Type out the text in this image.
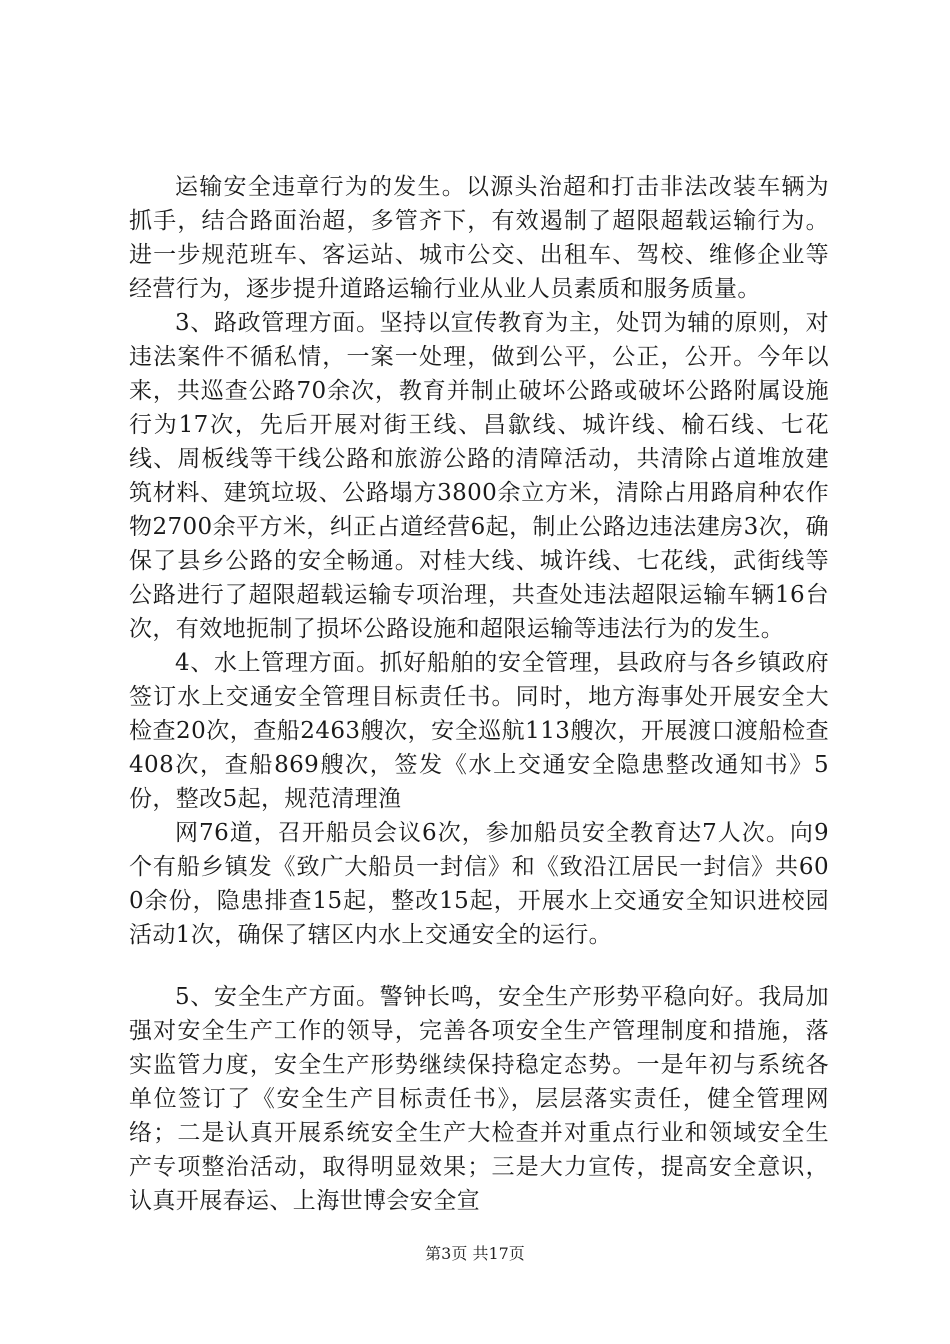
运输安全违章行为的发生。以源头治超和打击非法改装车辆为抓手，结合路面治超，多管齐下，有效遏制了超限超载运输行为。进一步规范班车、客运站、城市公交、出租车、驾校、维修企业等经营行为，逐步提升道路运输行业从业人员素质和服务质量。

3、路政管理方面。坚持以宣传教育为主，处罚为辅的原则，对违法案件不循私情，一案一处理，做到公平，公正，公开。今年以来，共巡查公路70余次，教育并制止破坏公路或破坏公路附属设施行为17次，先后开展对街王线、昌歙线、城许线、榆石线、七花线、周板线等干线公路和旅游公路的清障活动，共清除占道堆放建筑材料、建筑垃圾、公路塌方3800余立方米，清除占用路肩种农作物2700余平方米，纠正占道经营6起，制止公路边违法建房3次，确保了县乡公路的安全畅通。对桂大线、城许线、七花线，武街线等公路进行了超限超载运输专项治理，共查处违法超限运输车辆16台次，有效地扼制了损坏公路设施和超限运输等违法行为的发生。

4、水上管理方面。抓好船舶的安全管理，县政府与各乡镇政府签订水上交通安全管理目标责任书。同时，地方海事处开展安全大检查20次，查船2463艘次，安全巡航113艘次，开展渡口渡船检查408次，查船869艘次，签发《水上交通安全隐患整改通知书》5份，整改5起，规范清理渔

网76道，召开船员会议6次，参加船员安全教育达7人次。向9个有船乡镇发《致广大船员一封信》和《致沿江居民一封信》共600余份，隐患排查15起，整改15起，开展水上交通安全知识进校园活动1次，确保了辖区内水上交通安全的运行。

5、安全生产方面。警钟长鸣，安全生产形势平稳向好。我局加强对安全生产工作的领导，完善各项安全生产管理制度和措施，落实监管力度，安全生产形势继续保持稳定态势。一是年初与系统各单位签订了《安全生产目标责任书》，层层落实责任，健全管理网络；二是认真开展系统安全生产大检查并对重点行业和领域安全生产专项整治活动，取得明显效果；三是大力宣传，提高安全意识，认真开展春运、上海世博会安全宣

第3页 共17页
